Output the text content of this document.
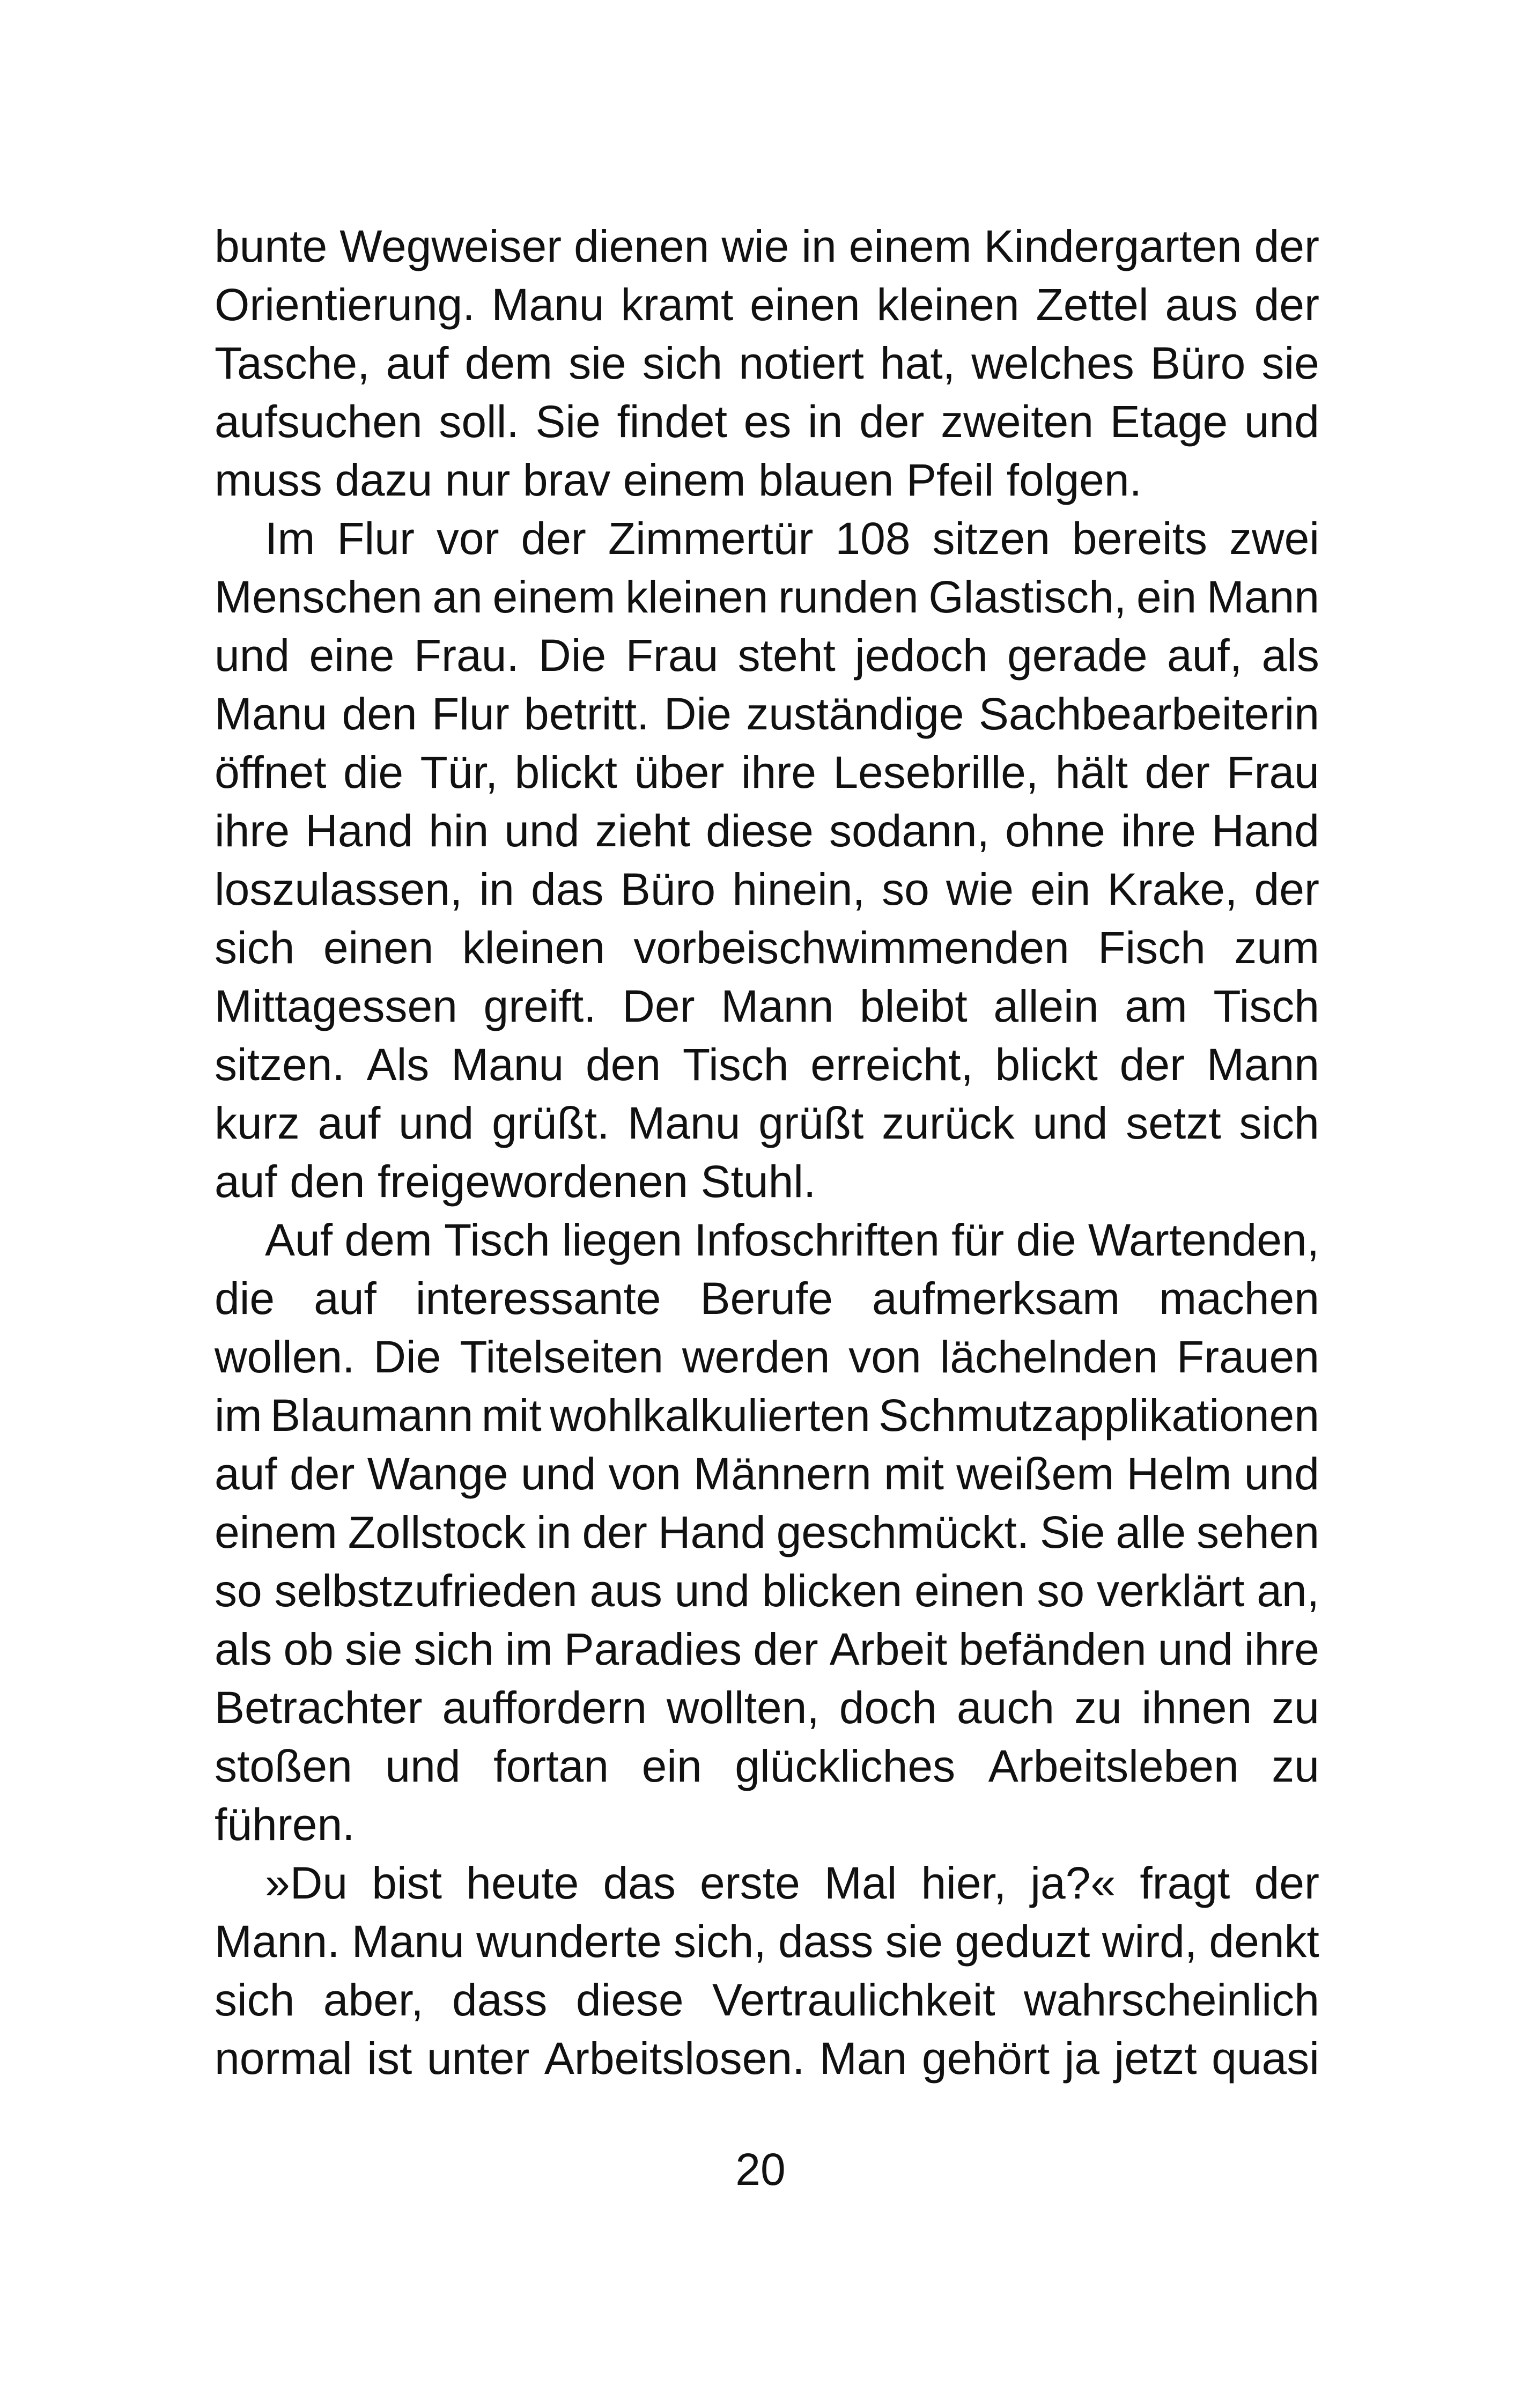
bunte Wegweiser dienen wie in einem Kindergarten der
Orientierung. Manu kramt einen kleinen Zettel aus der
Tasche, auf dem sie sich notiert hat, welches Büro sie
aufsuchen soll. Sie findet es in der zweiten Etage und
muss dazu nur brav einem blauen Pfeil folgen.
Im Flur vor der Zimmertür 108 sitzen bereits zwei
Menschen an einem kleinen runden Glastisch, ein Mann
und eine Frau. Die Frau steht jedoch gerade auf, als
Manu den Flur betritt. Die zuständige Sachbearbeiterin
öffnet die Tür, blickt über ihre Lesebrille, hält der Frau
ihre Hand hin und zieht diese sodann, ohne ihre Hand
loszulassen, in das Büro hinein, so wie ein Krake, der
sich einen kleinen vorbeischwimmenden Fisch zum
Mittagessen greift. Der Mann bleibt allein am Tisch
sitzen. Als Manu den Tisch erreicht, blickt der Mann
kurz auf und grüßt. Manu grüßt zurück und setzt sich
auf den freigewordenen Stuhl.
Auf dem Tisch liegen Infoschriften für die Wartenden,
die auf interessante Berufe aufmerksam machen
wollen. Die Titelseiten werden von lächelnden Frauen
im Blaumann mit wohlkalkulierten Schmutzapplikationen
auf der Wange und von Männern mit weißem Helm und
einem Zollstock in der Hand geschmückt. Sie alle sehen
so selbstzufrieden aus und blicken einen so verklärt an,
als ob sie sich im Paradies der Arbeit befänden und ihre
Betrachter auffordern wollten, doch auch zu ihnen zu
stoßen und fortan ein glückliches Arbeitsleben zu
führen.
»Du bist heute das erste Mal hier, ja?« fragt der
Mann. Manu wunderte sich, dass sie geduzt wird, denkt
sich aber, dass diese Vertraulichkeit wahrscheinlich
normal ist unter Arbeitslosen. Man gehört ja jetzt quasi
20
